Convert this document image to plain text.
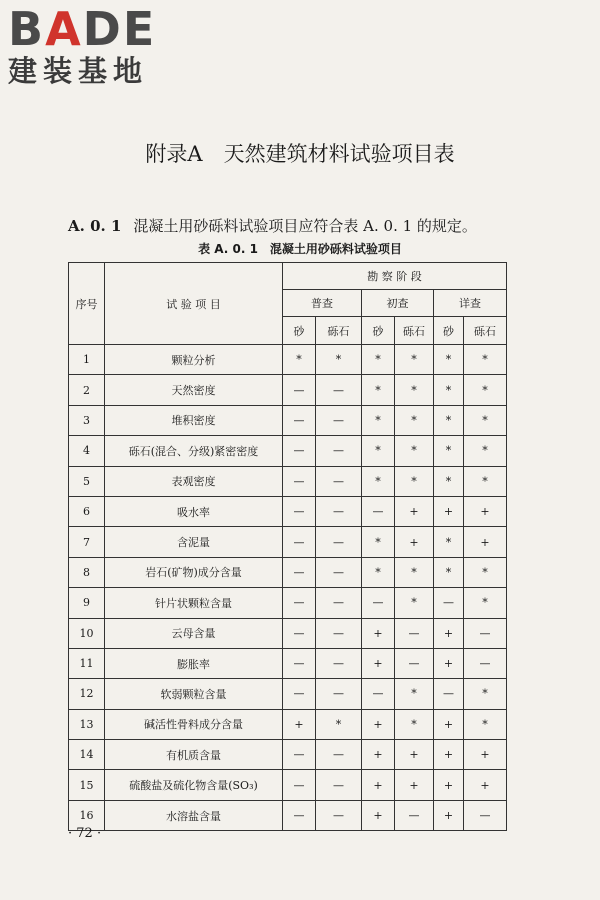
BADE
建装基地
附录A　天然建筑材料试验项目表
A. 0. 1 混凝土用砂砾料试验项目应符合表 A. 0. 1 的规定。
表 A. 0. 1　混凝土用砂砾料试验项目
序号	试 验 项 目	勘 察 阶 段					
		普查		初查		详查	
		砂	砾石	砂	砾石	砂	砾石
1	颗粒分析	*	*	*	*	*	*
2	天然密度	—	—	*	*	*	*
3	堆积密度	—	—	*	*	*	*
4	砾石(混合、分级)紧密密度	—	—	*	*	*	*
5	表观密度	—	—	*	*	*	*
6	吸水率	—	—	—	+	+	+
7	含泥量	—	—	*	+	*	+
8	岩石(矿物)成分含量	—	—	*	*	*	*
9	针片状颗粒含量	—	—	—	*	—	*
10	云母含量	—	—	+	—	+	—
11	膨胀率	—	—	+	—	+	—
12	软弱颗粒含量	—	—	—	*	—	*
13	碱活性骨料成分含量	+	*	+	*	+	*
14	有机质含量	—	—	+	+	+	+
15	硫酸盐及硫化物含量(SO₃)	—	—	+	+	+	+
16	水溶盐含量	—	—	+	—	+	—
· 72 ·
